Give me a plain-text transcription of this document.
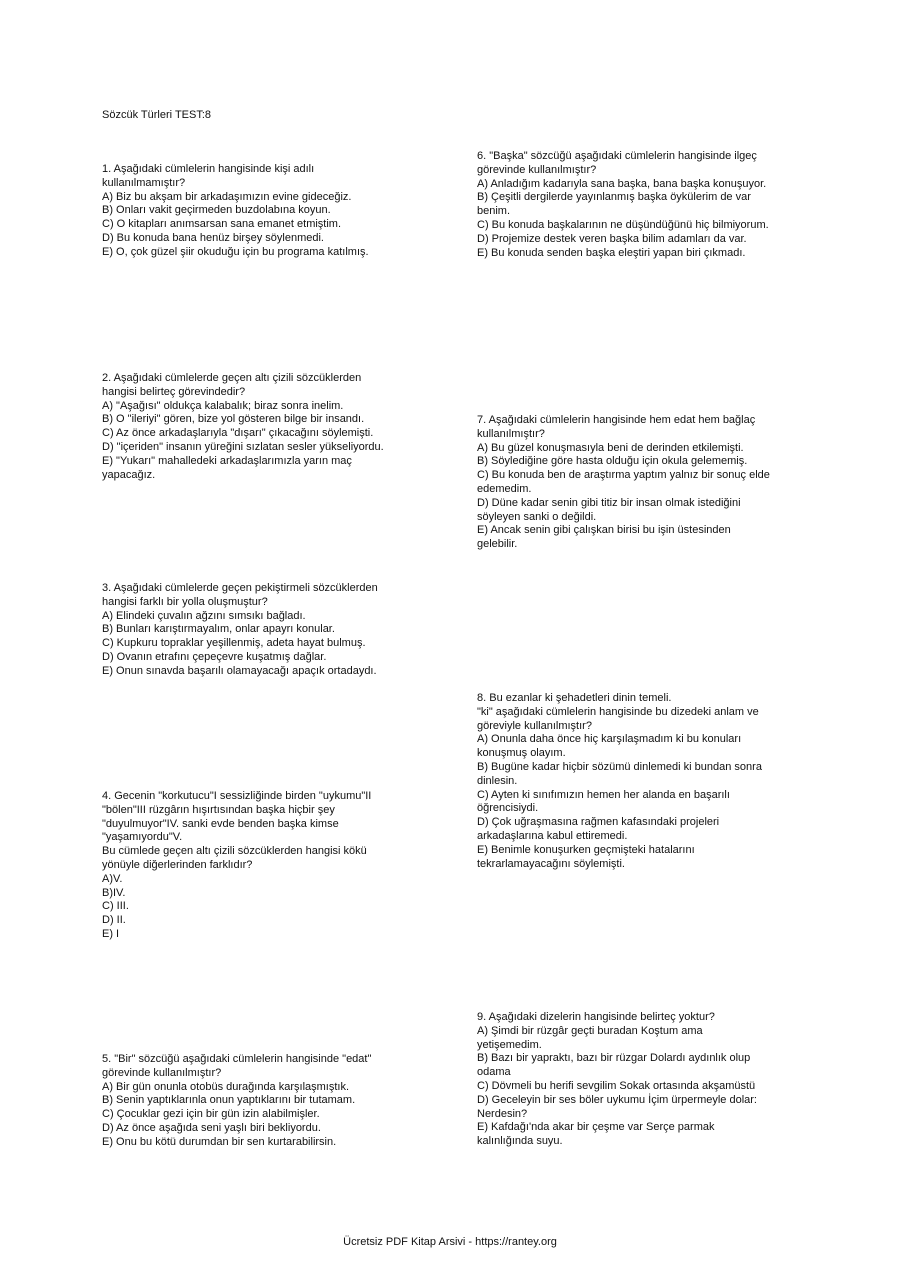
Sözcük Türleri TEST:8
1. Aşağıdaki cümlelerin hangisinde kişi adılı
kullanılmamıştır?
A) Biz bu akşam bir arkadaşımızın evine gideceğiz.
B) Onları vakit geçirmeden buzdolabına koyun.
C) O kitapları anımsarsan sana emanet etmiştim.
D) Bu konuda bana henüz birşey söylenmedi.
E) O, çok güzel şiir okuduğu için bu programa katılmış.
2. Aşağıdaki cümlelerde geçen altı çizili sözcüklerden
hangisi belirteç görevindedir?
A) "Aşağısı" oldukça kalabalık; biraz sonra inelim.
B) O "ileriyi" gören, bize yol gösteren bilge bir insandı.
C) Az önce arkadaşlarıyla "dışarı" çıkacağını söylemişti.
D) "içeriden" insanın yüreğini sızlatan sesler yükseliyordu.
E) "Yukarı" mahalledeki arkadaşlarımızla yarın maç
yapacağız.
3. Aşağıdaki cümlelerde geçen pekiştirmeli sözcüklerden
hangisi farklı bir yolla oluşmuştur?
A) Elindeki çuvalın ağzını sımsıkı bağladı.
B) Bunları karıştırmayalım, onlar apayrı konular.
C) Kupkuru topraklar yeşillenmiş, adeta hayat bulmuş.
D) Ovanın etrafını çepeçevre kuşatmış dağlar.
E) Onun sınavda başarılı olamayacağı apaçık ortadaydı.
4. Gecenin "korkutucu"I sessizliğinde birden "uykumu"II
"bölen"III rüzgârın hışırtısından başka hiçbir şey
"duyulmuyor"IV. sanki evde benden başka kimse
"yaşamıyordu"V.
Bu cümlede geçen altı çizili sözcüklerden hangisi kökü
yönüyle diğerlerinden farklıdır?
A)V.
B)IV.
C) III.
D) II.
E) I
5. "Bir" sözcüğü aşağıdaki cümlelerin hangisinde "edat"
görevinde kullanılmıştır?
A) Bir gün onunla otobüs durağında karşılaşmıştık.
B) Senin yaptıklarınla onun yaptıklarını bir tutamam.
C) Çocuklar gezi için bir gün izin alabilmişler.
D) Az önce aşağıda seni yaşlı biri bekliyordu.
E) Onu bu kötü durumdan bir sen kurtarabilirsin.
6. "Başka" sözcüğü aşağıdaki cümlelerin hangisinde ilgeç
görevinde kullanılmıştır?
A) Anladığım kadarıyla sana başka, bana başka konuşuyor.
B) Çeşitli dergilerde yayınlanmış başka öykülerim de var
benim.
C) Bu konuda başkalarının ne düşündüğünü hiç bilmiyorum.
D) Projemize destek veren başka bilim adamları da var.
E) Bu konuda senden başka eleştiri yapan biri çıkmadı.
7. Aşağıdaki cümlelerin hangisinde hem edat hem bağlaç
kullanılmıştır?
A) Bu güzel konuşmasıyla beni de derinden etkilemişti.
B) Söylediğine göre hasta olduğu için okula gelememiş.
C) Bu konuda ben de araştırma yaptım yalnız bir sonuç elde
edemedim.
D) Düne kadar senin gibi titiz bir insan olmak istediğini
söyleyen sanki o değildi.
E) Ancak senin gibi çalışkan birisi bu işin üstesinden
gelebilir.
8. Bu ezanlar ki şehadetleri dinin temeli.
"ki" aşağıdaki cümlelerin hangisinde bu dizedeki anlam ve
göreviyle kullanılmıştır?
A) Onunla daha önce hiç karşılaşmadım ki bu konuları
konuşmuş olayım.
B) Bugüne kadar hiçbir sözümü dinlemedi ki bundan sonra
dinlesin.
C) Ayten ki sınıfımızın hemen her alanda en başarılı
öğrencisiydi.
D) Çok uğraşmasına rağmen kafasındaki projeleri
arkadaşlarına kabul ettiremedi.
E) Benimle konuşurken geçmişteki hatalarını
tekrarlamayacağını söylemişti.
9. Aşağıdaki dizelerin hangisinde belirteç yoktur?
A) Şimdi bir rüzgâr geçti buradan Koştum ama
yetişemedim.
B) Bazı bir yapraktı, bazı bir rüzgar Dolardı aydınlık olup
odama
C) Dövmeli bu herifi sevgilim Sokak ortasında akşamüstü
D) Geceleyin bir ses böler uykumu İçim ürpermeyle dolar:
Nerdesin?
E) Kafdağı'nda akar bir çeşme var Serçe parmak
kalınlığında suyu.
Ücretsiz PDF Kitap Arsivi - https://rantey.org
